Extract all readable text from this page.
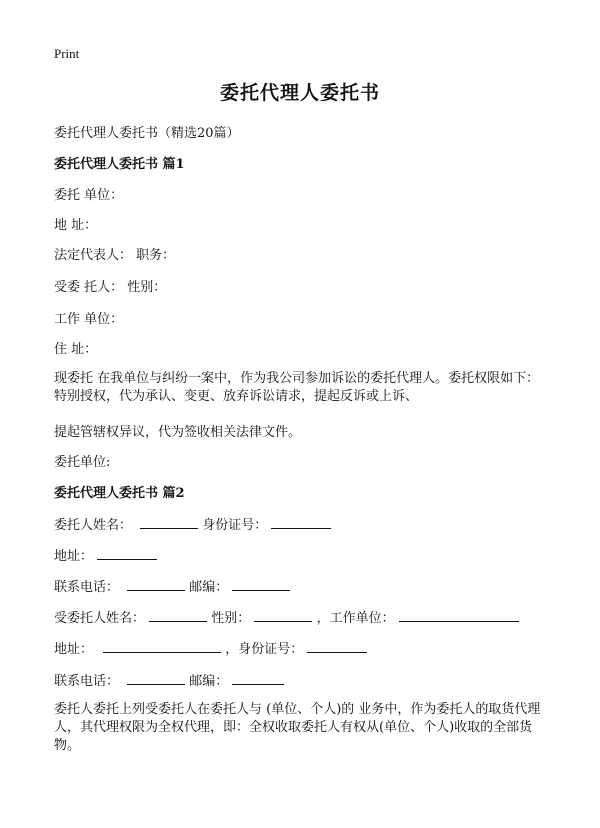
Print
委托代理人委托书
委托代理人委托书（精选20篇）
委托代理人委托书 篇1
委托 单位：
地 址：
法定代表人： 职务：
受委 托人： 性别：
工作 单位：
住 址：
现委托 在我单位与纠纷一案中，作为我公司参加诉讼的委托代理人。委托权限如下： 特别授权，代为承认、变更、放弃诉讼请求，提起反诉或上诉、
提起管辖权异议，代为签收相关法律文件。
委托单位:
委托代理人委托书 篇2
委托人姓名：	身份证号：
地址：
联系电话：	邮编：
受委托人姓名：	性别：	，工作单位：
地址：	，身份证号：
联系电话：	邮编：
委托人委托上列受委托人在委托人与 (单位、个人)的 业务中，作为委托人的取货代理人，其代理权限为全权代理，即：全权收取委托人有权从(单位、个人)收取的全部货物。
